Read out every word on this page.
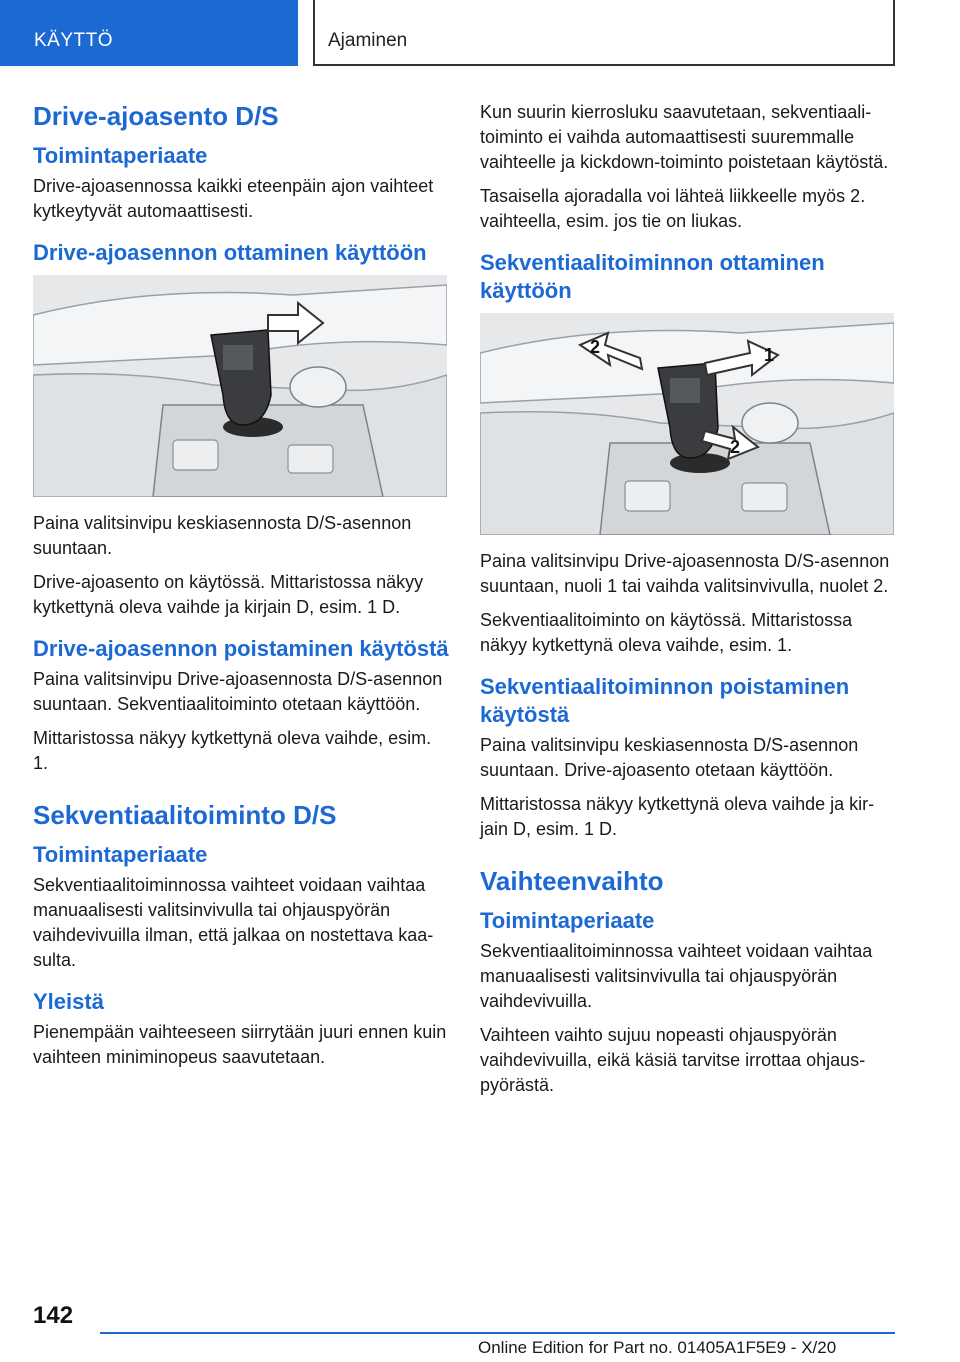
KÄYTTÖ	Ajaminen
Drive-ajoasento D/S
Toimintaperiaate

Drive-ajoasennossa kaikki eteenpäin ajon vaihteet kytkeytyvät automaattisesti.

Drive-ajoasennon ottaminen käyttöön

Paina valitsinvipu keskiasennosta D/S-asennon suuntaan.

Drive-ajoasento on käytössä. Mittaristossa näkyy kytkettynä oleva vaihde ja kirjain D, esim. 1 D.

Drive-ajoasennon poistaminen käytöstä

Paina valitsinvipu Drive-ajoasennosta D/S-asennon suuntaan. Sekventiaalitoiminto otetaan käyttöön.

Mittaristossa näkyy kytkettynä oleva vaihde, esim. 1.

Sekventiaalitoiminto D/S
Toimintaperiaate

Sekventiaalitoiminnossa vaihteet voidaan vaihtaa manuaalisesti valitsinvivulla tai ohjauspyörän vaihdevivuilla ilman, että jalkaa on nostettava kaasulta.

Yleistä

Pienempään vaihteeseen siirrytään juuri ennen kuin vaihteen miniminopeus saavutetaan.

Kun suurin kierrosluku saavutetaan, sekventiaalitoiminto ei vaihda automaattisesti suuremmalle vaihteelle ja kickdown-toiminto poistetaan käytöstä.

Tasaisella ajoradalla voi lähteä liikkeelle myös 2. vaihteella, esim. jos tie on liukas.

Sekventiaalitoiminnon ottaminen käyttöön
2	1
2

Paina valitsinvipu Drive-ajoasennosta D/S-asennon suuntaan, nuoli 1 tai vaihda valitsinvivulla, nuolet 2.

Sekventiaalitoiminto on käytössä. Mittaristossa näkyy kytkettynä oleva vaihde, esim. 1.

Sekventiaalitoiminnon poistaminen käytöstä

Paina valitsinvipu keskiasennosta D/S-asennon suuntaan. Drive-ajoasento otetaan käyttöön.

Mittaristossa näkyy kytkettynä oleva vaihde ja kirjain D, esim. 1 D.

Vaihteenvaihto
Toimintaperiaate

Sekventiaalitoiminnossa vaihteet voidaan vaihtaa manuaalisesti valitsinvivulla tai ohjauspyörän vaihdevivuilla.

Vaihteen vaihto sujuu nopeasti ohjauspyörän vaihdevivuilla, eikä käsiä tarvitse irrottaa ohjauspyörästä.

142
Online Edition for Part no. 01405A1F5E9 - X/20
